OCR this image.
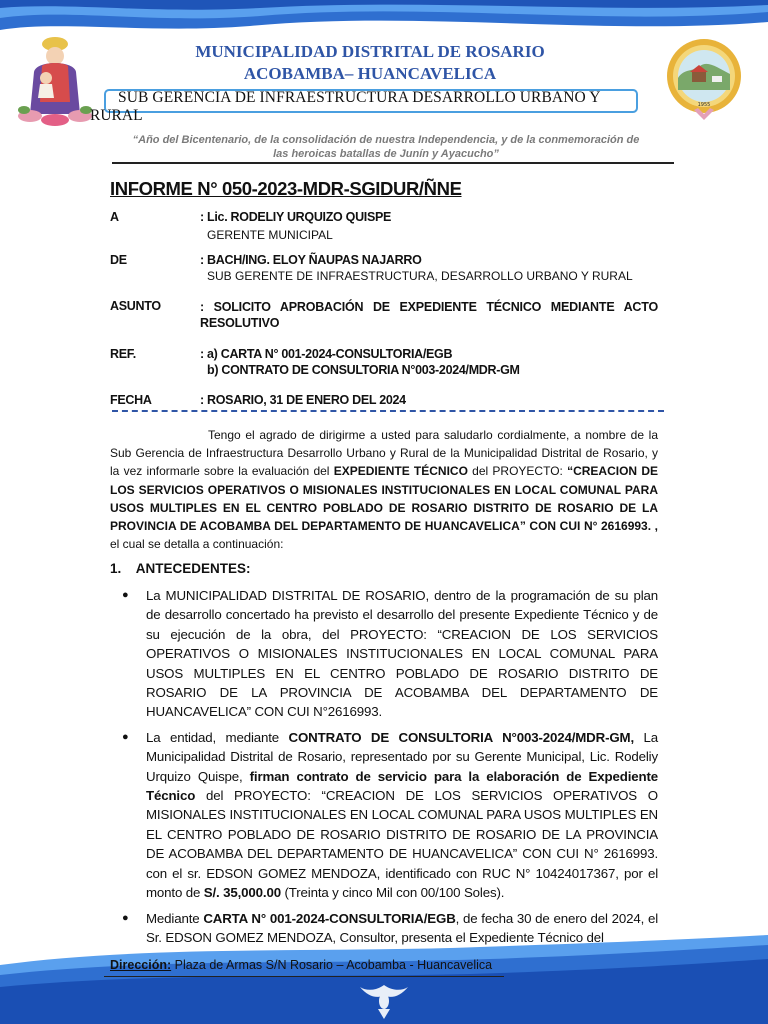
1955
MUNICIPALIDAD DISTRITAL DE ROSARIO
ACOBAMBA– HUANCAVELICA
SUB GERENCIA DE INFRAESTRUCTURA DESARROLLO URBANO Y
RURAL
“Año del Bicentenario, de la consolidación de nuestra Independencia, y de la conmemoración de
las heroicas batallas de Junín y Ayacucho”
INFORME N° 050-2023-MDR-SGIDUR/ÑNE
A	: Lic. RODELIY URQUIZO QUISPE
GERENTE MUNICIPAL
DE	: BACH/ING. ELOY ÑAUPAS NAJARRO
SUB GERENTE DE INFRAESTRUCTURA, DESARROLLO URBANO Y RURAL
ASUNTO	: SOLICITO APROBACIÓN DE EXPEDIENTE TÉCNICO MEDIANTE ACTO RESOLUTIVO
REF.	: a) CARTA N° 001-2024-CONSULTORIA/EGB
b) CONTRATO DE CONSULTORIA N°003-2024/MDR-GM
FECHA	: ROSARIO, 31 DE ENERO DEL 2024
Tengo el agrado de dirigirme a usted para saludarlo cordialmente, a nombre de la Sub Gerencia de Infraestructura Desarrollo Urbano y Rural de la Municipalidad Distrital de Rosario, y la vez informarle sobre la evaluación del EXPEDIENTE TÉCNICO del PROYECTO: “CREACION DE LOS SERVICIOS OPERATIVOS O MISIONALES INSTITUCIONALES EN LOCAL COMUNAL PARA USOS MULTIPLES EN EL CENTRO POBLADO DE ROSARIO DISTRITO DE ROSARIO DE LA PROVINCIA DE ACOBAMBA DEL DEPARTAMENTO DE HUANCAVELICA” CON CUI N° 2616993. , el cual se detalla a continuación:
1.    ANTECEDENTES:
● La MUNICIPALIDAD DISTRITAL DE ROSARIO, dentro de la programación de su plan de desarrollo concertado ha previsto el desarrollo del presente Expediente Técnico y de su ejecución de la obra, del PROYECTO: “CREACION DE LOS SERVICIOS OPERATIVOS O MISIONALES INSTITUCIONALES EN LOCAL COMUNAL PARA USOS MULTIPLES EN EL CENTRO POBLADO DE ROSARIO DISTRITO DE ROSARIO DE LA PROVINCIA DE ACOBAMBA DEL DEPARTAMENTO DE HUANCAVELICA” CON CUI N°2616993.
● La entidad, mediante CONTRATO DE CONSULTORIA N°003-2024/MDR-GM, La Municipalidad Distrital de Rosario, representado por su Gerente Municipal, Lic. Rodeliy Urquizo Quispe, firman contrato de servicio para la elaboración de Expediente Técnico del PROYECTO: “CREACION DE LOS SERVICIOS OPERATIVOS O MISIONALES INSTITUCIONALES EN LOCAL COMUNAL PARA USOS MULTIPLES EN EL CENTRO POBLADO DE ROSARIO DISTRITO DE ROSARIO DE LA PROVINCIA DE ACOBAMBA DEL DEPARTAMENTO DE HUANCAVELICA” CON CUI N° 2616993. con el sr. EDSON GOMEZ MENDOZA, identificado con RUC N° 10424017367, por el monto de S/. 35,000.00 (Treinta y cinco Mil con 00/100 Soles).
● Mediante CARTA N° 001-2024-CONSULTORIA/EGB, de fecha 30 de enero del 2024, el Sr. EDSON GOMEZ MENDOZA, Consultor, presenta el Expediente Técnico del
Dirección: Plaza de Armas S/N Rosario – Acobamba - Huancavelica
